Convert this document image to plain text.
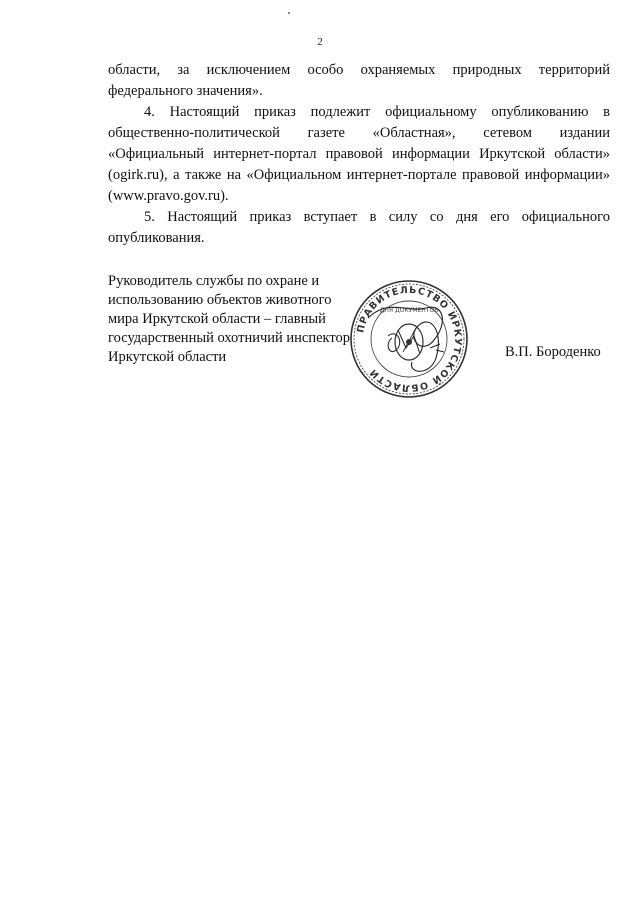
2

области, за исключением особо охраняемых природных территорий федерального значения».

4. Настоящий приказ подлежит официальному опубликованию в общественно-политической газете «Областная», сетевом издании «Официальный интернет-портал правовой информации Иркутской области» (ogirk.ru), а также на «Официальном интернет-портале правовой информации» (www.pravo.gov.ru).

5. Настоящий приказ вступает в силу со дня его официального опубликования.

Руководитель службы по охране и
использованию объектов животного
мира Иркутской области – главный
государственный охотничий инспектор
Иркутской области
ПРАВИТЕЛЬСТВО ИРКУТСКОЙ ОБЛАСТИ
ДЛЯ ДОКУМЕНТОВ
В.П. Бороденко
